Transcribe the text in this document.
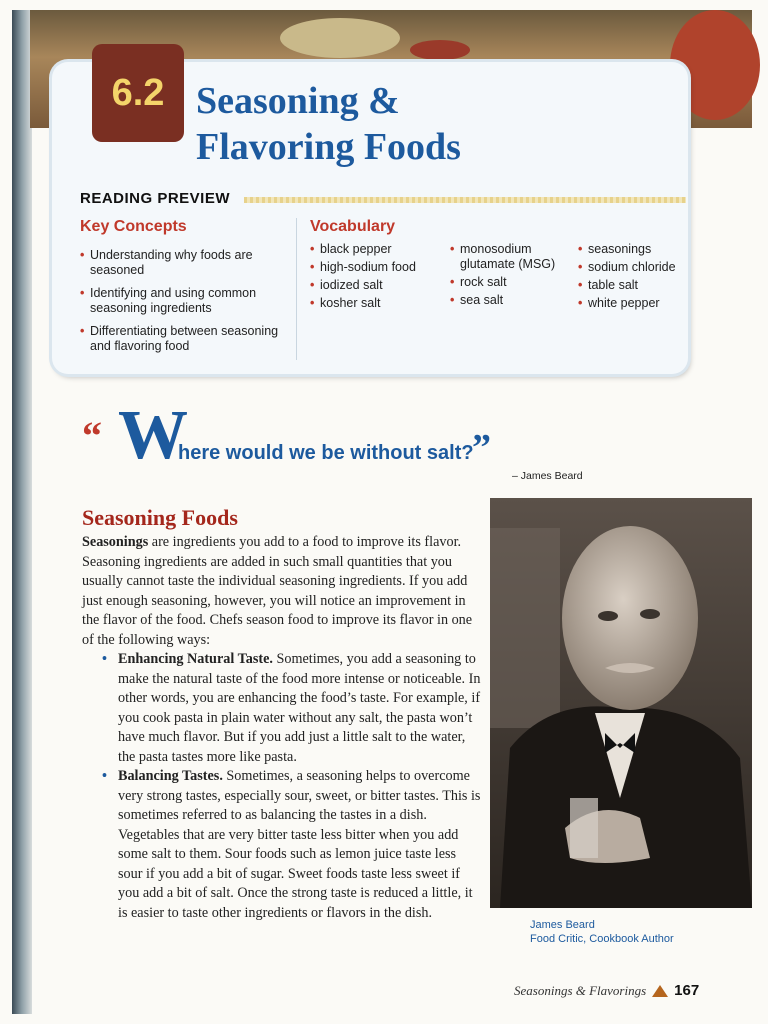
6.2 Seasoning &
Flavoring Foods
READING PREVIEW
Key Concepts	Vocabulary
• Understanding why foods are seasoned
• Identifying and using common seasoning ingredients
• Differentiating between seasoning and flavoring food
• black pepper
• high-sodium food
• iodized salt
• kosher salt
• monosodium glutamate (MSG)
• rock salt
• sea salt
• seasonings
• sodium chloride
• table salt
• white pepper
“ W
here would we be without salt?
”
– James Beard
Seasoning Foods

Seasonings are ingredients you add to a food to improve its flavor. Seasoning ingredients are added in such small quantities that you usually cannot taste the individual seasoning ingredients. If you add just enough seasoning, however, you will notice an improvement in the flavor of the food. Chefs season food to improve its flavor in one of the following ways:

• Enhancing Natural Taste. Sometimes, you add a seasoning to make the natural taste of the food more intense or noticeable. In other words, you are enhancing the food’s taste. For example, if you cook pasta in plain water without any salt, the pasta won’t have much flavor. But if you add just a little salt to the water, the pasta tastes more like pasta.

• Balancing Tastes. Sometimes, a seasoning helps to overcome very strong tastes, especially sour, sweet, or bitter tastes. This is sometimes referred to as balancing the tastes in a dish. Vegetables that are very bitter taste less bitter when you add some salt to them. Sour foods such as lemon juice taste less sour if you add a bit of sugar. Sweet foods taste less sweet if you add a bit of salt. Once the strong taste is reduced a little, it is easier to taste other ingredients or flavors in the dish.

James Beard
Food Critic, Cookbook Author
Seasonings & Flavorings 167
